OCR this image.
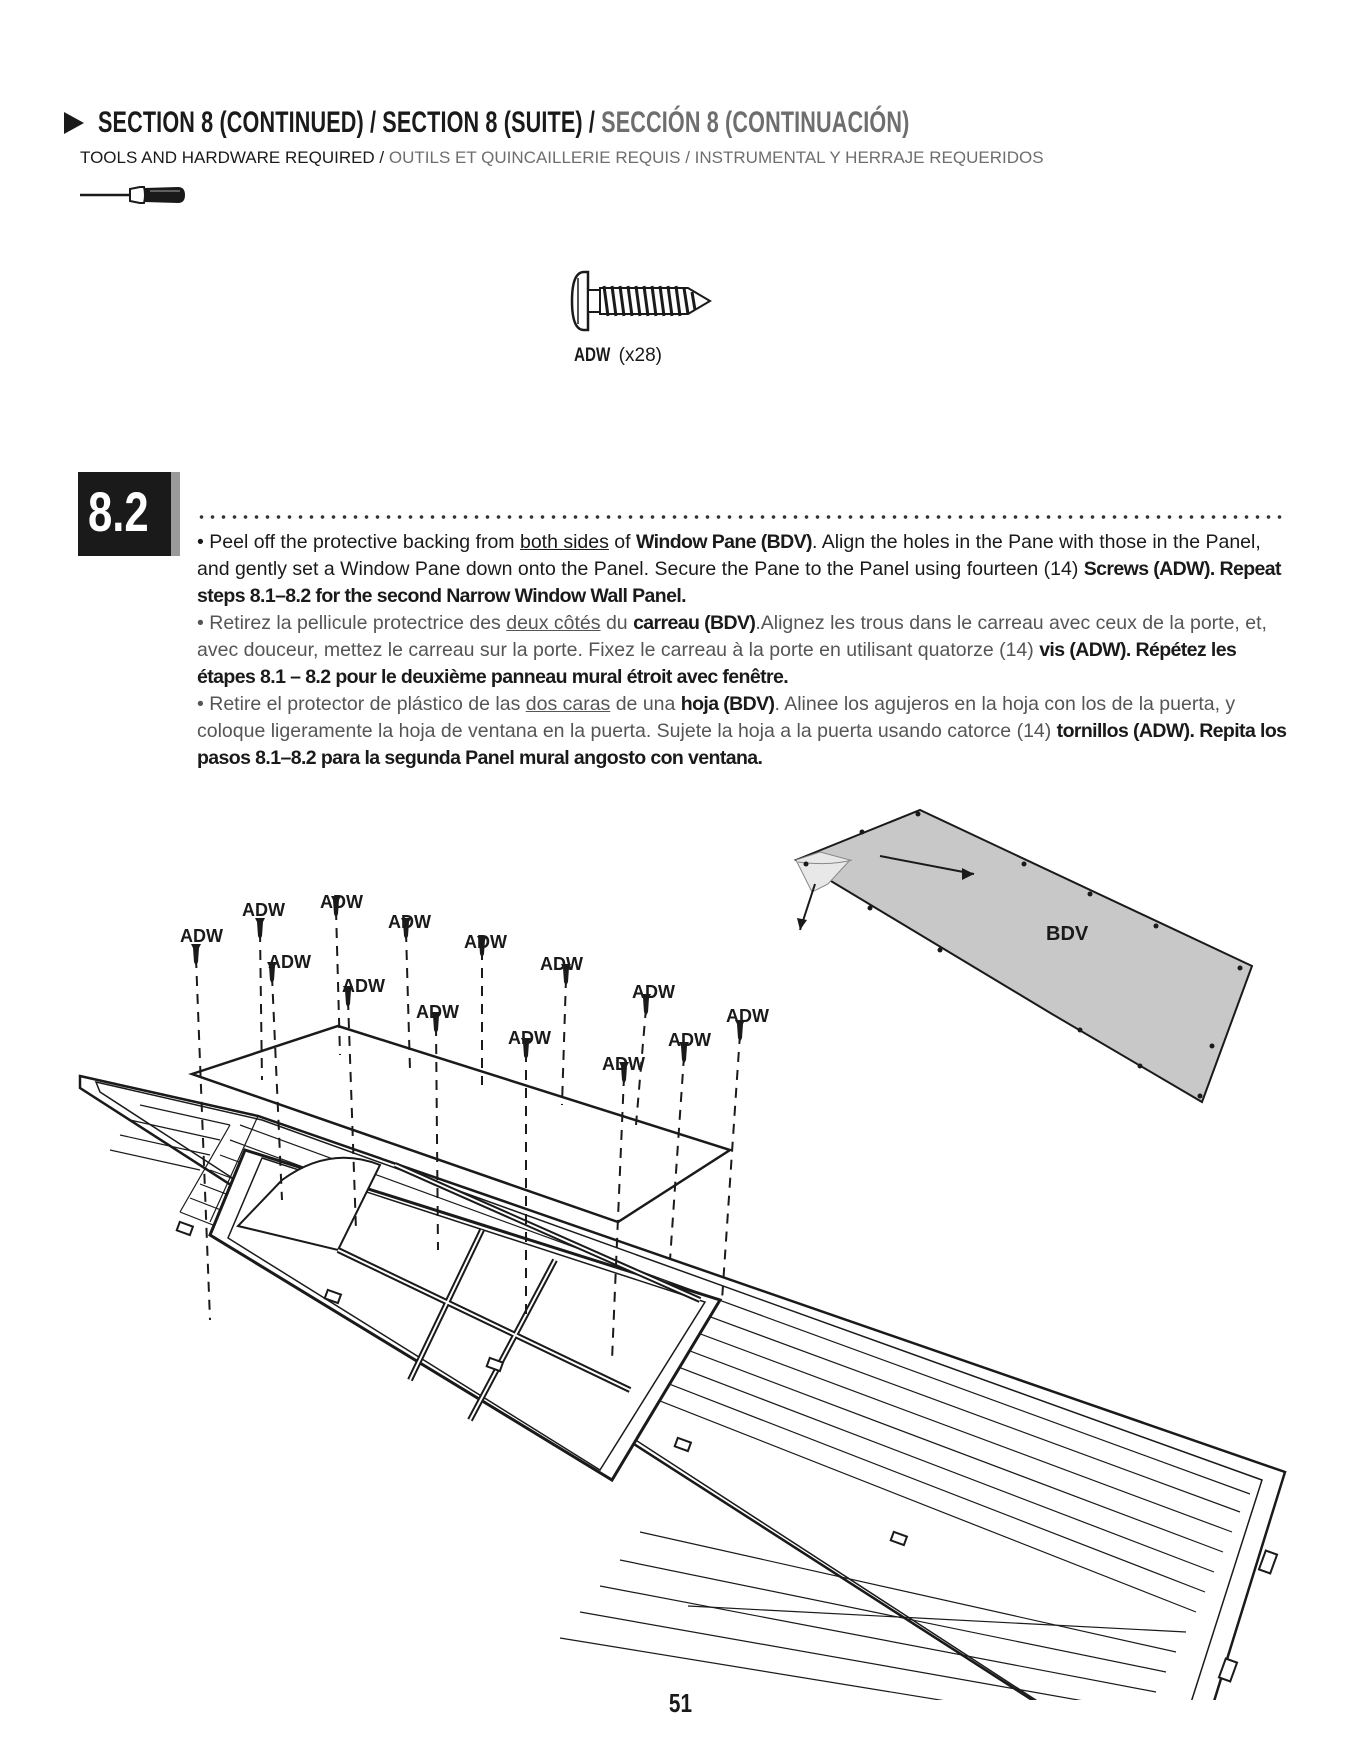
SECTION 8 (CONTINUED) / SECTION 8 (SUITE) / SECCIÓN 8 (CONTINUACIÓN)
TOOLS AND HARDWARE REQUIRED / OUTILS ET QUINCAILLERIE REQUIS / INSTRUMENTAL Y HERRAJE REQUERIDOS
ADW (x28)
8.2 • Peel off the protective backing from both sides of Window Pane (BDV). Align the holes in the Pane with those in the Panel, and gently set a Window Pane down onto the Panel. Secure the Pane to the Panel using fourteen (14) Screws (ADW). Repeat steps 8.1–8.2 for the second Narrow Window Wall Panel.

• Retirez la pellicule protectrice des deux côtés du carreau (BDV).Alignez les trous dans le carreau avec ceux de la porte, et, avec douceur, mettez le carreau sur la porte. Fixez le carreau à la porte en utilisant quatorze (14) vis (ADW). Répétez les étapes 8.1 – 8.2 pour le deuxième panneau mural étroit avec fenêtre.

• Retire el protector de plástico de las dos caras de una hoja (BDV). Alinee los agujeros en la hoja con los de la puerta, y coloque ligeramente la hoja de ventana en la puerta. Sujete la hoja a la puerta usando catorce (14) tornillos (ADW). Repita los pasos 8.1–8.2 para la segunda Panel mural angosto con ventana.

ADW
ADW
ADW
ADW
ADW
ADW
ADW
ADW
ADW
ADW
ADW
ADW
ADW
ADW
BDV
51
